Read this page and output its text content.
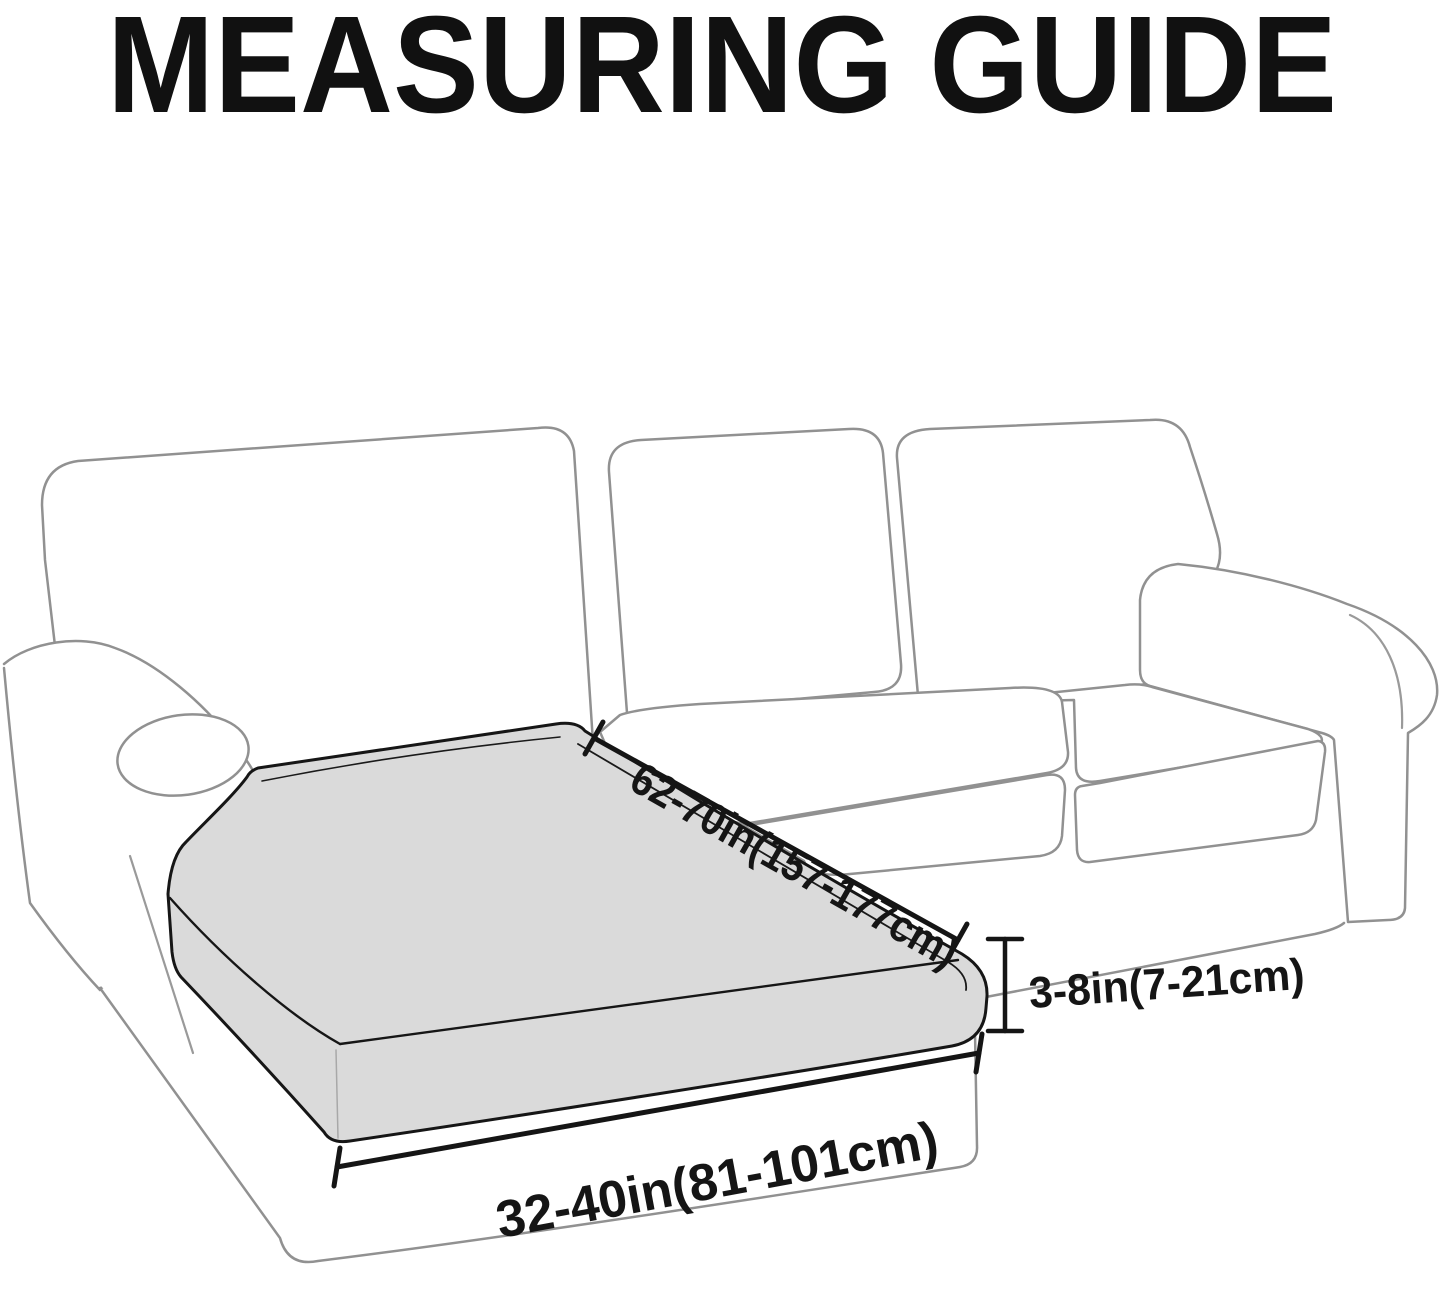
MEASURING GUIDE
62-70in(157-177cm) 3-8in(7-21cm)
32-40in(81-101cm)
